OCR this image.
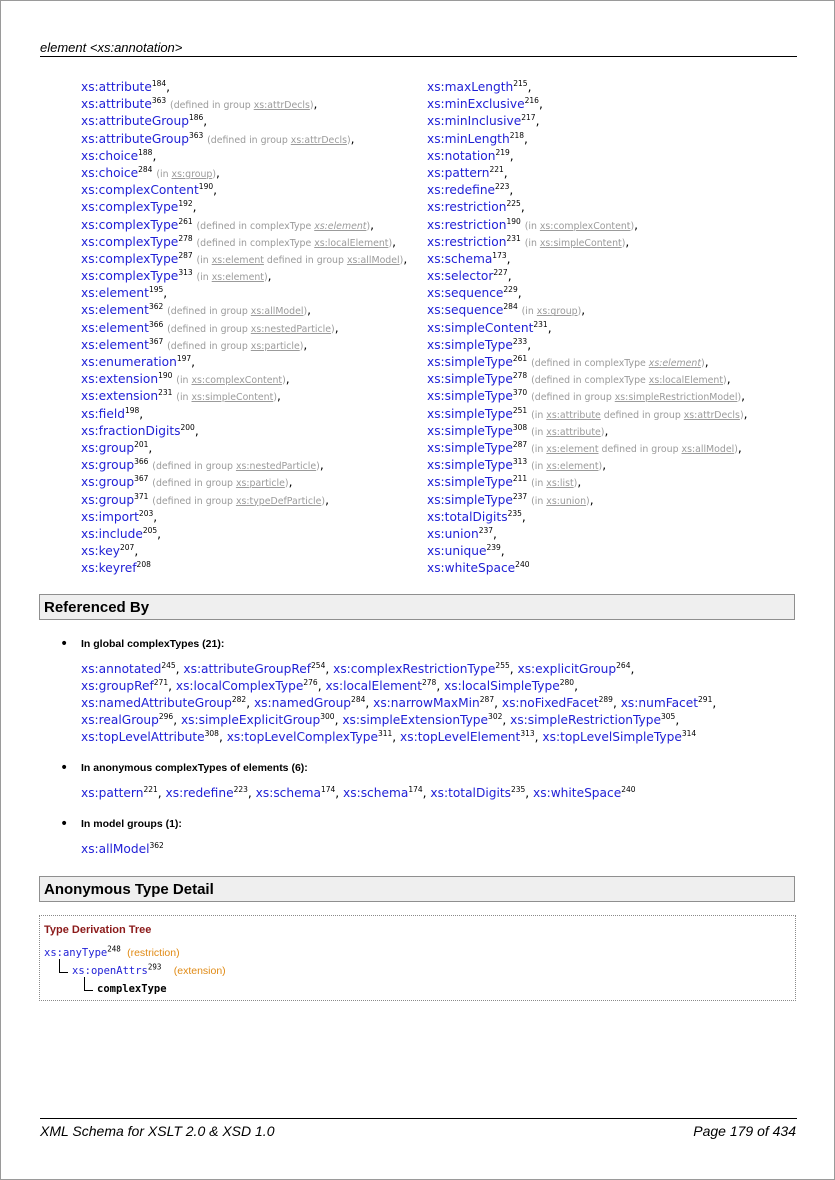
element <xs:annotation>
xs:attribute$^{184}$,
xs:attribute$^{363}$ (defined in group xs:attrDecls),
xs:attributeGroup$^{186}$,
xs:attributeGroup$^{363}$ (defined in group xs:attrDecls),
xs:choice$^{188}$,
xs:choice$^{284}$ (in xs:group),
xs:complexContent$^{190}$,
xs:complexType$^{192}$,
xs:complexType$^{261}$ (defined in complexType xs:element),
xs:complexType$^{278}$ (defined in complexType xs:localElement),
xs:complexType$^{287}$ (in xs:element defined in group xs:allModel),
xs:complexType$^{313}$ (in xs:element),
xs:element$^{195}$,
xs:element$^{362}$ (defined in group xs:allModel),
xs:element$^{366}$ (defined in group xs:nestedParticle),
xs:element$^{367}$ (defined in group xs:particle),
xs:enumeration$^{197}$,
xs:extension$^{190}$ (in xs:complexContent),
xs:extension$^{231}$ (in xs:simpleContent),
xs:field$^{198}$,
xs:fractionDigits$^{200}$,
xs:group$^{201}$,
xs:group$^{366}$ (defined in group xs:nestedParticle),
xs:group$^{367}$ (defined in group xs:particle),
xs:group$^{371}$ (defined in group xs:typeDefParticle),
xs:import$^{203}$,
xs:include$^{205}$,
xs:key$^{207}$,
xs:keyref$^{208}$
xs:maxLength$^{215}$,
xs:minExclusive$^{216}$,
xs:minInclusive$^{217}$,
xs:minLength$^{218}$,
xs:notation$^{219}$,
xs:pattern$^{221}$,
xs:redefine$^{223}$,
xs:restriction$^{225}$,
xs:restriction$^{190}$ (in xs:complexContent),
xs:restriction$^{231}$ (in xs:simpleContent),
xs:schema$^{173}$,
xs:selector$^{227}$,
xs:sequence$^{229}$,
xs:sequence$^{284}$ (in xs:group),
xs:simpleContent$^{231}$,
xs:simpleType$^{233}$,
xs:simpleType$^{261}$ (defined in complexType xs:element),
xs:simpleType$^{278}$ (defined in complexType xs:localElement),
xs:simpleType$^{370}$ (defined in group xs:simpleRestrictionModel),
xs:simpleType$^{251}$ (in xs:attribute defined in group xs:attrDecls),
xs:simpleType$^{308}$ (in xs:attribute),
xs:simpleType$^{287}$ (in xs:element defined in group xs:allModel),
xs:simpleType$^{313}$ (in xs:element),
xs:simpleType$^{211}$ (in xs:list),
xs:simpleType$^{237}$ (in xs:union),
xs:totalDigits$^{235}$,
xs:union$^{237}$,
xs:unique$^{239}$,
xs:whiteSpace$^{240}$
Referenced By
• In global complexTypes (21):
xs:annotated$^{245}$, xs:attributeGroupRef$^{254}$, xs:complexRestrictionType$^{255}$, xs:explicitGroup$^{264}$, xs:groupRef$^{271}$, xs:localComplexType$^{276}$, xs:localElement$^{278}$, xs:localSimpleType$^{280}$, xs:namedAttributeGroup$^{282}$, xs:namedGroup$^{284}$, xs:narrowMaxMin$^{287}$, xs:noFixedFacet$^{289}$, xs:numFacet$^{291}$, xs:realGroup$^{296}$, xs:simpleExplicitGroup$^{300}$, xs:simpleExtensionType$^{302}$, xs:simpleRestrictionType$^{305}$, xs:topLevelAttribute$^{308}$, xs:topLevelComplexType$^{311}$, xs:topLevelElement$^{313}$, xs:topLevelSimpleType$^{314}$
• In anonymous complexTypes of elements (6):
xs:pattern$^{221}$, xs:redefine$^{223}$, xs:schema$^{174}$, xs:schema$^{174}$, xs:totalDigits$^{235}$, xs:whiteSpace$^{240}$
• In model groups (1):
xs:allModel$^{362}$
Anonymous Type Detail
Type Derivation Tree
xs:anyType$^{248}$ (restriction)
xs:openAttrs$^{293}$ (extension)
complexType
XML Schema for XSLT 2.0 & XSD 1.0	Page 179 of 434
